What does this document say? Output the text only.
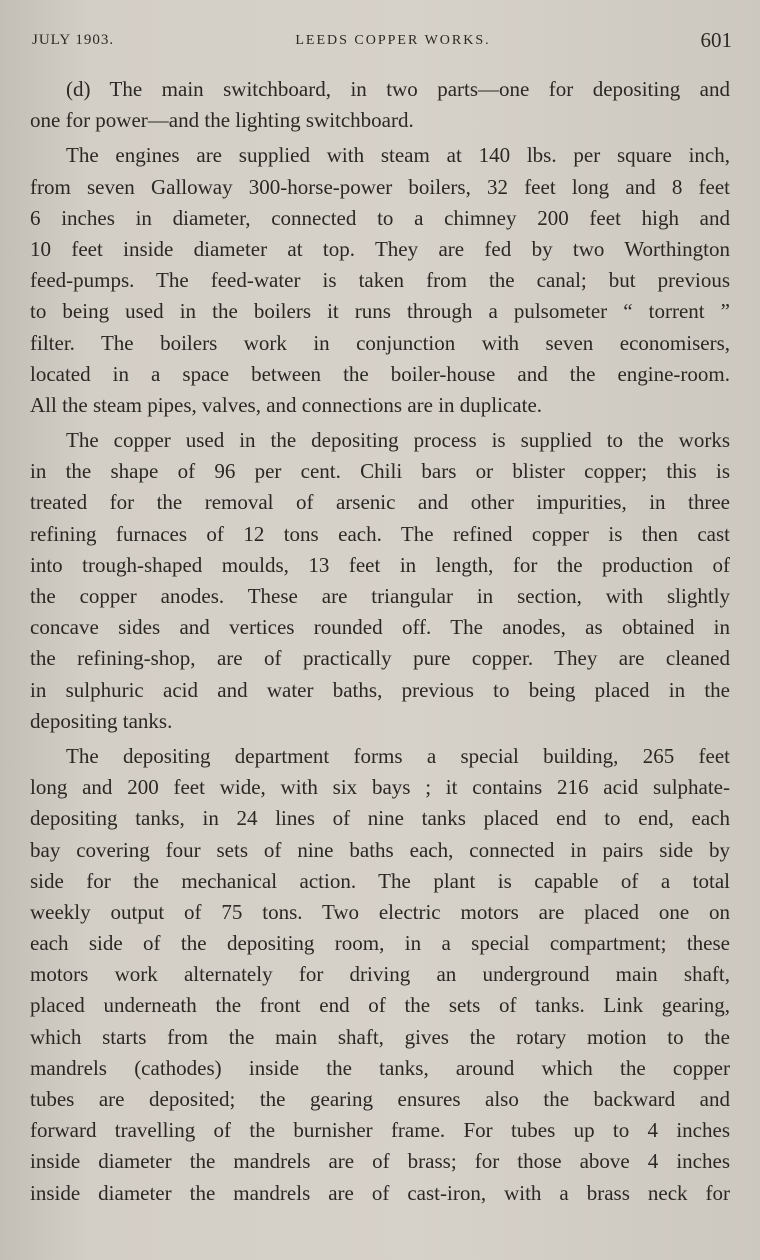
JULY 1903.	LEEDS COPPER WORKS.	601
(d) The main switchboard, in two parts—one for depositing and
one for power—and the lighting switchboard.
The engines are supplied with steam at 140 lbs. per square inch,
from seven Galloway 300-horse-power boilers, 32 feet long and 8 feet
6 inches in diameter, connected to a chimney 200 feet high and
10 feet inside diameter at top. They are fed by two Worthington
feed-pumps. The feed-water is taken from the canal; but previous
to being used in the boilers it runs through a pulsometer “ torrent ”
filter. The boilers work in conjunction with seven economisers,
located in a space between the boiler-house and the engine-room.
All the steam pipes, valves, and connections are in duplicate.
The copper used in the depositing process is supplied to the works
in the shape of 96 per cent. Chili bars or blister copper; this is
treated for the removal of arsenic and other impurities, in three
refining furnaces of 12 tons each. The refined copper is then cast
into trough-shaped moulds, 13 feet in length, for the production of
the copper anodes. These are triangular in section, with slightly
concave sides and vertices rounded off. The anodes, as obtained in
the refining-shop, are of practically pure copper. They are cleaned
in sulphuric acid and water baths, previous to being placed in the
depositing tanks.
The depositing department forms a special building, 265 feet
long and 200 feet wide, with six bays ; it contains 216 acid sulphate-
depositing tanks, in 24 lines of nine tanks placed end to end, each
bay covering four sets of nine baths each, connected in pairs side by
side for the mechanical action. The plant is capable of a total
weekly output of 75 tons. Two electric motors are placed one on
each side of the depositing room, in a special compartment; these
motors work alternately for driving an underground main shaft,
placed underneath the front end of the sets of tanks. Link gearing,
which starts from the main shaft, gives the rotary motion to the
mandrels (cathodes) inside the tanks, around which the copper
tubes are deposited; the gearing ensures also the backward and
forward travelling of the burnisher frame. For tubes up to 4 inches
inside diameter the mandrels are of brass; for those above 4 inches
inside diameter the mandrels are of cast-iron, with a brass neck for
